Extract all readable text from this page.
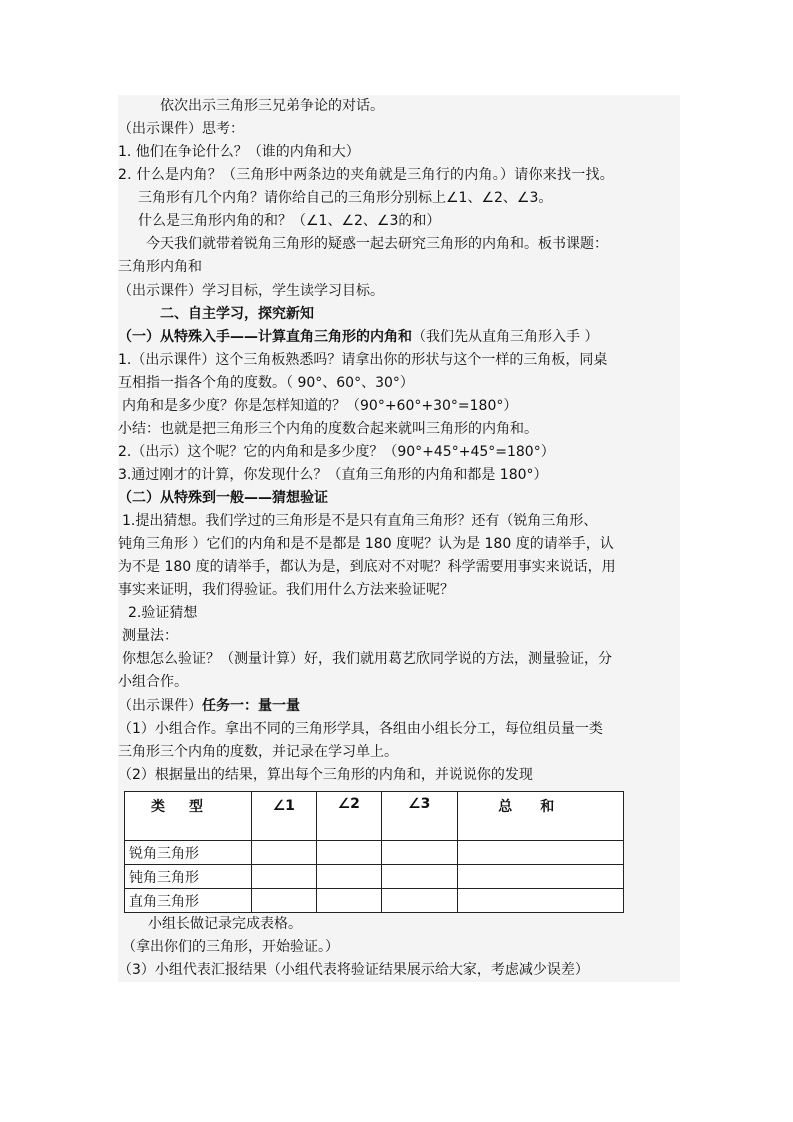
依次出示三角形三兄弟争论的对话。
（出示课件）思考：
1. 他们在争论什么？（谁的内角和大）
2. 什么是内角？（三角形中两条边的夹角就是三角行的内角。）请你来找一找。
三角形有几个内角？请你给自己的三角形分别标上∠1、∠2、∠3。
什么是三角形内角的和？（∠1、∠2、∠3的和）
今天我们就带着锐角三角形的疑惑一起去研究三角形的内角和。板书课题：
三角形内角和
（出示课件）学习目标，学生读学习目标。
二、自主学习，探究新知
（一）从特殊入手——计算直角三角形的内角和（我们先从直角三角形入手 ）
1.（出示课件）这个三角板熟悉吗？请拿出你的形状与这个一样的三角板，同桌
互相指一指各个角的度数。（ 90°、60°、30°）
内角和是多少度？你是怎样知道的？（90°+60°+30°=180°）
小结：也就是把三角形三个内角的度数合起来就叫三角形的内角和。
2.（出示）这个呢？它的内角和是多少度？（90°+45°+45°=180°）
3.通过刚才的计算，你发现什么？（直角三角形的内角和都是 180°）
（二）从特殊到一般——猜想验证
1.提出猜想。我们学过的三角形是不是只有直角三角形？还有（锐角三角形、
钝角三角形 ）它们的内角和是不是都是 180 度呢？认为是 180 度的请举手，认
为不是 180 度的请举手，都认为是，到底对不对呢？科学需要用事实来说话，用
事实来证明，我们得验证。我们用什么方法来验证呢？
2.验证猜想
测量法：
你想怎么验证？（测量计算）好，我们就用葛艺欣同学说的方法，测量验证，分
小组合作。
（出示课件）任务一：量一量
（1）小组合作。拿出不同的三角形学具，各组由小组长分工，每位组员量一类
三角形三个内角的度数，并记录在学习单上。
（2）根据量出的结果，算出每个三角形的内角和，并说说你的发现
类型	∠1	∠2	∠3	总和
锐角三角形				
钝角三角形				
直角三角形				
小组长做记录完成表格。
（拿出你们的三角形，开始验证。）
（3）小组代表汇报结果（小组代表将验证结果展示给大家，考虑减少误差）
